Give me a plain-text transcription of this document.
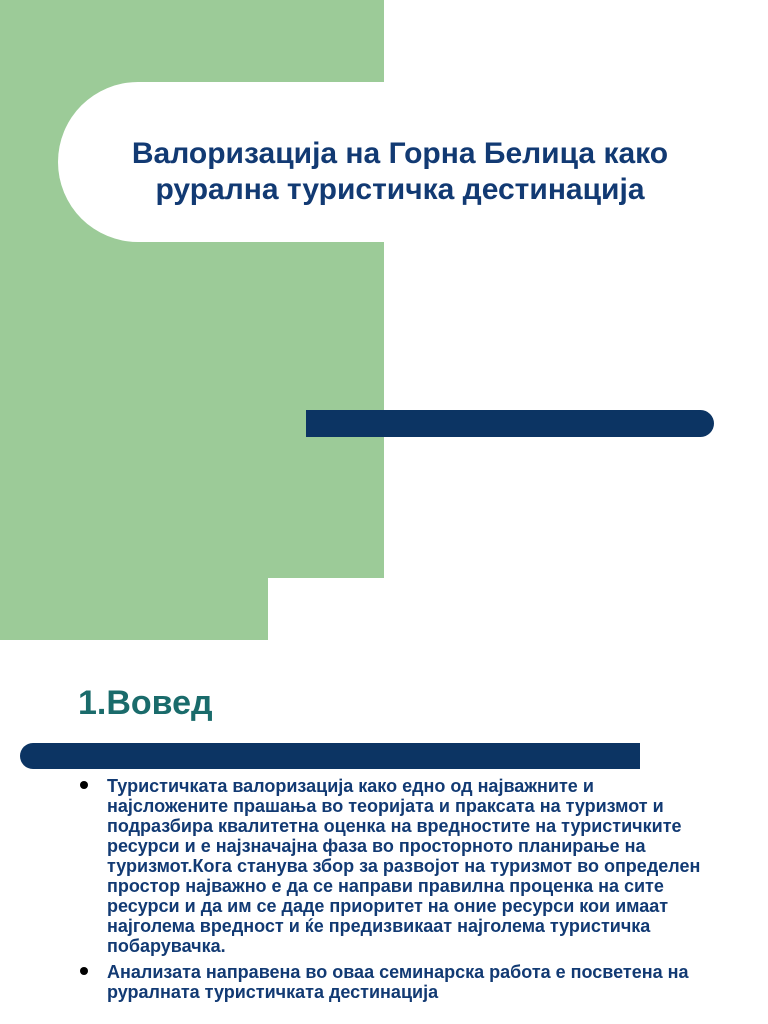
Валоризација на Горна Белица како
рурална туристичка дестинација
1.Вовед
Туристичката валоризација како едно од најважните и најсложените прашања во теоријата и праксата на туризмот и подразбира квалитетна оценка на вредностите на туристичките ресурси и е најзначајна фаза во просторното планирање на туризмот.Кога станува збор за развојот на туризмот во определен простор најважно е да се направи правилна проценка на сите ресурси и да им се даде приоритет на оние ресурси кои имаат најголема вредност и ќе предизвикаат најголема туристичка побарувачка.
Анализата направена во оваа семинарска работа е посветена на руралната туристичката дестинација
